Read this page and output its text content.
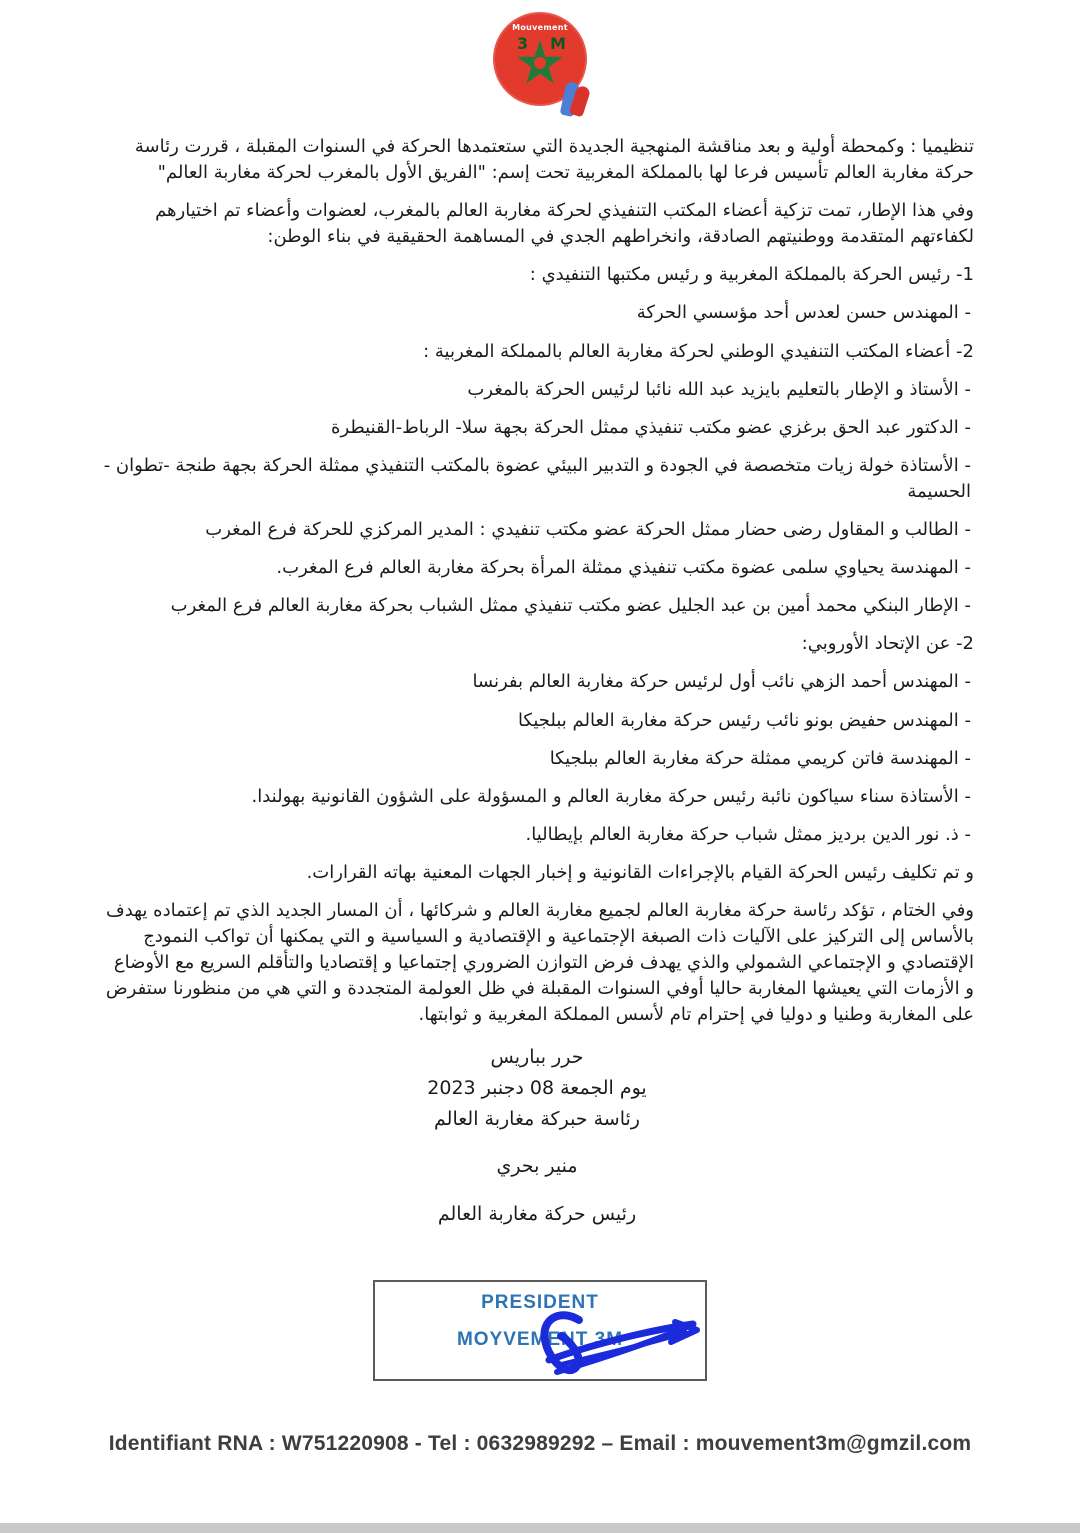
Mouvement
3 M
تنظيميا : وكمحطة أولية و بعد مناقشة المنهجية الجديدة التي ستعتمدها الحركة في السنوات المقبلة ، قررت رئاسة حركة مغاربة العالم تأسيس فرعا لها بالمملكة المغربية تحت إسم: "الفريق الأول بالمغرب لحركة مغاربة العالم"
وفي هذا الإطار، تمت تزكية أعضاء المكتب التنفيذي لحركة مغاربة العالم بالمغرب، لعضوات وأعضاء تم اختيارهم لكفاءتهم المتقدمة ووطنيتهم الصادقة، وانخراطهم الجدي في المساهمة الحقيقية في بناء الوطن:
1- رئيس الحركة بالمملكة المغربية و رئيس مكتبها التنفيدي :
- المهندس حسن لعدس أحد مؤسسي الحركة
2- أعضاء المكتب التنفيدي الوطني لحركة مغاربة العالم بالمملكة المغربية :
- الأستاذ و الإطار بالتعليم بايزيد عبد الله نائبا لرئيس الحركة بالمغرب
- الدكتور عبد الحق برغزي عضو مكتب تنفيذي ممثل الحركة بجهة سلا- الرباط-القنيطرة
- الأستاذة خولة زيات متخصصة في الجودة و التدبير البيئي عضوة بالمكتب التنفيذي ممثلة الحركة بجهة طنجة -تطوان - الحسيمة
- الطالب و المقاول رضى حضار ممثل الحركة عضو مكتب تنفيدي : المدير المركزي للحركة فرع المغرب
- المهندسة يحياوي سلمى عضوة مكتب تنفيذي ممثلة المرأة بحركة مغاربة العالم فرع المغرب.
- الإطار البنكي محمد أمين بن عبد الجليل عضو مكتب تنفيذي ممثل الشباب بحركة مغاربة العالم فرع المغرب
2- عن الإتحاد الأوروبي:
- المهندس أحمد الزهي نائب أول لرئيس حركة مغاربة العالم بفرنسا
- المهندس حفيض بونو نائب رئيس حركة مغاربة العالم ببلجيكا
- المهندسة فاتن كريمي ممثلة حركة مغاربة العالم ببلجيكا
- الأستاذة سناء سياكون نائبة رئيس حركة مغاربة العالم و المسؤولة على الشؤون القانونية بهولندا.
- ذ. نور الدين برديز ممثل شباب حركة مغاربة العالم بإيطاليا.
و تم تكليف رئيس الحركة القيام بالإجراءات القانونية و إخبار الجهات المعنية بهاته القرارات.
وفي الختام ، تؤكد رئاسة حركة مغاربة العالم لجميع مغاربة العالم و شركائها ، أن المسار الجديد الذي تم إعتماده يهدف بالأساس إلى التركيز على الآليات ذات الصبغة الإجتماعية و الإقتصادية و السياسية و التي يمكنها أن تواكب النمودج الإقتصادي و الإجتماعي الشمولي والذي يهدف فرض التوازن الضروري إجتماعيا و إقتصاديا والتأقلم السريع مع الأوضاع و الأزمات التي يعيشها المغاربة حاليا أوفي السنوات المقبلة في ظل العولمة المتجددة و التي هي من منظورنا ستفرض على المغاربة وطنيا و دوليا في إحترام تام لأسس المملكة المغربية و ثوابتها.
حرر بباريس
يوم الجمعة 08 دجنبر 2023
رئاسة حبركة مغاربة العالم
منير بحري
رئيس حركة مغاربة العالم
PRESIDENT
MOYVEMENT 3M
Identifiant RNA : W751220908 - Tel : 0632989292 – Email : mouvement3m@gmzil.com
